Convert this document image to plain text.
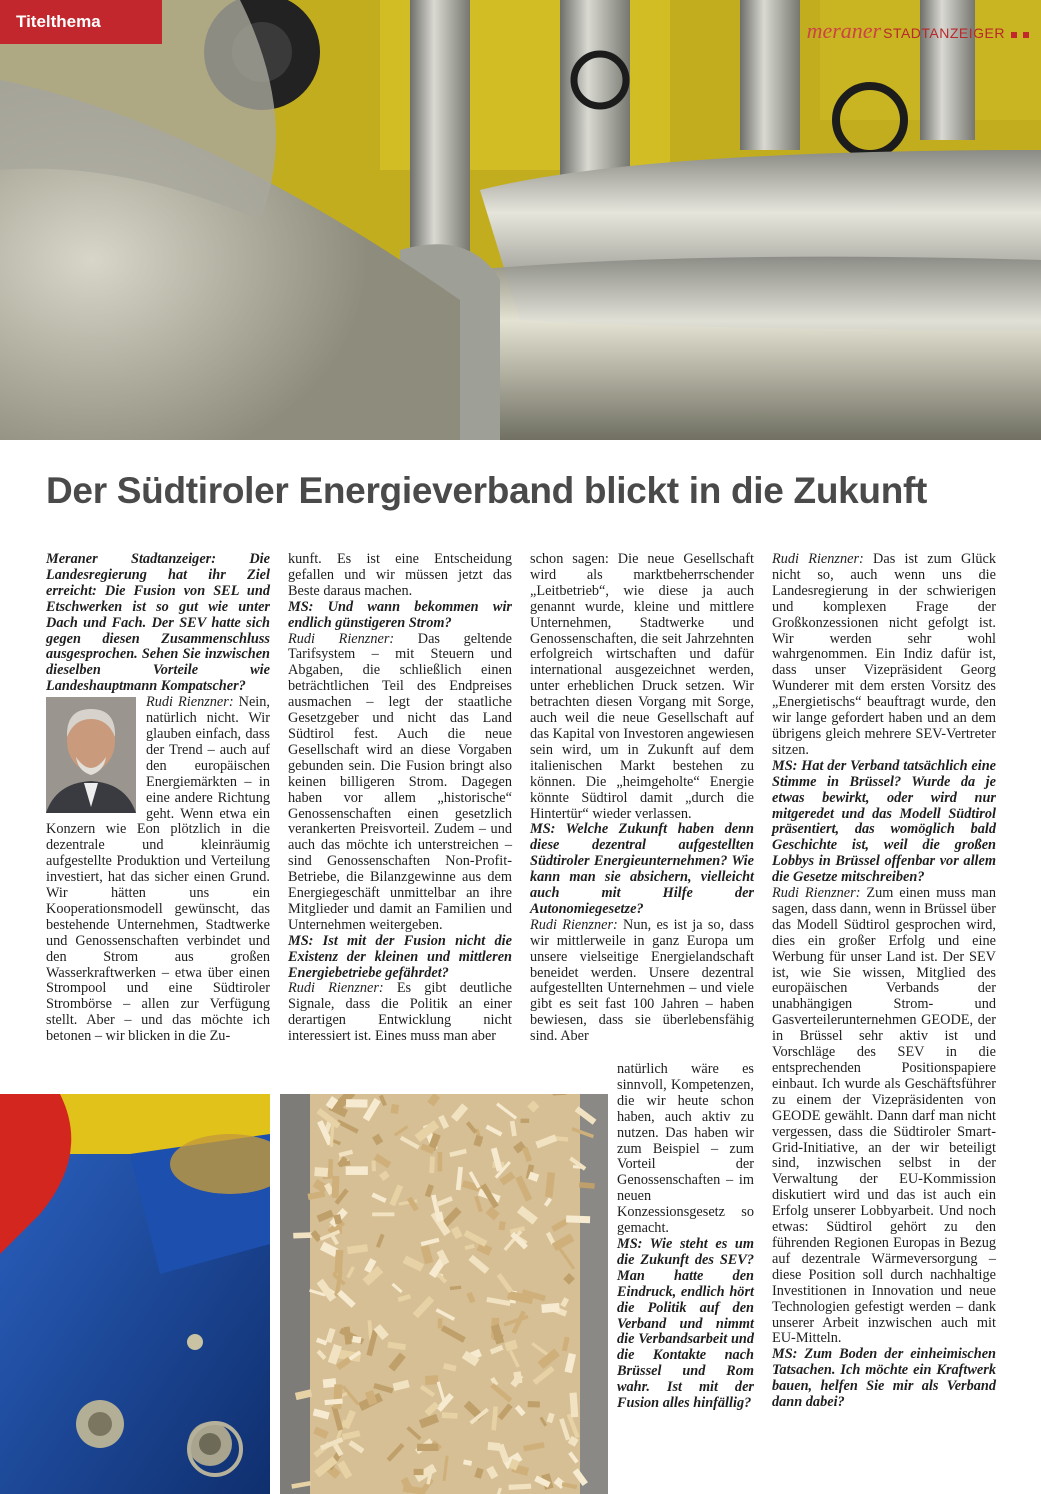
Titelthema	meraner STADTANZEIGER
Der Südtiroler Energieverband blickt in die Zukunft

Meraner Stadtanzeiger: Die Landesregierung hat ihr Ziel erreicht: Die Fusion von SEL und Etschwerken ist so gut wie unter Dach und Fach. Der SEV hatte sich gegen diesen Zusammenschluss ausgesprochen. Sehen Sie inzwischen dieselben Vorteile wie Landeshauptmann Kompatscher?

Rudi Rienzner: Nein, natürlich nicht. Wir glauben einfach, dass der Trend – auch auf den europäischen Energiemärkten – in eine andere Richtung geht. Wenn etwa ein Konzern wie Eon plötzlich in die dezentrale und kleinräumig aufgestellte Produktion und Verteilung investiert, hat das sicher einen Grund. Wir hätten uns ein Kooperationsmodell gewünscht, das bestehende Unternehmen, Stadtwerke und Genossenschaften verbindet und den Strom aus großen Wasserkraftwerken – etwa über einen Strompool und eine Südtiroler Strombörse – allen zur Verfügung stellt. Aber – und das möchte ich betonen – wir blicken in die Zu-

kunft. Es ist eine Entscheidung gefallen und wir müssen jetzt das Beste daraus machen.

MS: Und wann bekommen wir endlich günstigeren Strom?

Rudi Rienzner: Das geltende Tarifsystem – mit Steuern und Abgaben, die schließlich einen beträchtlichen Teil des Endpreises ausmachen – legt der staatliche Gesetzgeber und nicht das Land Südtirol fest. Auch die neue Gesellschaft wird an diese Vorgaben gebunden sein. Die Fusion bringt also keinen billigeren Strom. Dagegen haben vor allem „historische“ Genossenschaften einen gesetzlich verankerten Preisvorteil. Zudem – und auch das möchte ich unterstreichen – sind Genossenschaften Non-Profit-Betriebe, die Bilanzgewinne aus dem Energiegeschäft unmittelbar an ihre Mitglieder und damit an Familien und Unternehmen weitergeben.

MS: Ist mit der Fusion nicht die Existenz der kleinen und mittleren Energiebetriebe gefährdet?

Rudi Rienzner: Es gibt deutliche Signale, dass die Politik an einer derartigen Entwicklung nicht interessiert ist. Eines muss man aber

schon sagen: Die neue Gesellschaft wird als marktbeherrschender „Leitbetrieb“, wie diese ja auch genannt wurde, kleine und mittlere Unternehmen, Stadtwerke und Genossenschaften, die seit Jahrzehnten erfolgreich wirtschaften und dafür international ausgezeichnet werden, unter erheblichen Druck setzen. Wir betrachten diesen Vorgang mit Sorge, auch weil die neue Gesellschaft auf das Kapital von Investoren angewiesen sein wird, um in Zukunft auf dem italienischen Markt bestehen zu können. Die „heimgeholte“ Energie könnte Südtirol damit „durch die Hintertür“ wieder verlassen.

MS: Welche Zukunft haben denn diese dezentral aufgestellten Südtiroler Energieunternehmen? Wie kann man sie absichern, vielleicht auch mit Hilfe der Autonomiegesetze?

Rudi Rienzner: Nun, es ist ja so, dass wir mittlerweile in ganz Europa um unsere vielseitige Energielandschaft beneidet werden. Unsere dezentral aufgestellten Unternehmen – und viele gibt es seit fast 100 Jahren – haben bewiesen, dass sie überlebensfähig sind. Aber

natürlich wäre es sinnvoll, Kompetenzen, die wir heute schon haben, auch aktiv zu nutzen. Das haben wir zum Beispiel – zum Vorteil der Genossenschaften – im neuen Konzessionsgesetz so gemacht.

MS: Wie steht es um die Zukunft des SEV? Man hatte den Eindruck, endlich hört die Politik auf den Verband und nimmt die Verbandsarbeit und die Kontakte nach Brüssel und Rom wahr. Ist mit der Fusion alles hinfällig?

Rudi Rienzner: Das ist zum Glück nicht so, auch wenn uns die Landesregierung in der schwierigen und komplexen Frage der Großkonzessionen nicht gefolgt ist. Wir werden sehr wohl wahrgenommen. Ein Indiz dafür ist, dass unser Vizepräsident Georg Wunderer mit dem ersten Vorsitz des „Energietischs“ beauftragt wurde, den wir lange gefordert haben und an dem übrigens gleich mehrere SEV-Vertreter sitzen.

MS: Hat der Verband tatsächlich eine Stimme in Brüssel? Wurde da je etwas bewirkt, oder wird nur mitgeredet und das Modell Südtirol präsentiert, das womöglich bald Geschichte ist, weil die großen Lobbys in Brüssel offenbar vor allem die Gesetze mitschreiben?

Rudi Rienzner: Zum einen muss man sagen, dass dann, wenn in Brüssel über das Modell Südtirol gesprochen wird, dies ein großer Erfolg und eine Werbung für unser Land ist. Der SEV ist, wie Sie wissen, Mitglied des europäischen Verbands der unabhängigen Strom- und Gasverteilerunternehmen GEODE, der in Brüssel sehr aktiv ist und Vorschläge des SEV in die entsprechenden Positionspapiere einbaut. Ich wurde als Geschäftsführer zu einem der Vizepräsidenten von GEODE gewählt. Dann darf man nicht vergessen, dass die Südtiroler Smart-Grid-Initiative, an der wir beteiligt sind, inzwischen selbst in der Verwaltung der EU-Kommission diskutiert wird und das ist auch ein Erfolg unserer Lobbyarbeit. Und noch etwas: Südtirol gehört zu den führenden Regionen Europas in Bezug auf dezentrale Wärmeversorgung – diese Position soll durch nachhaltige Investitionen in Innovation und neue Technologien gefestigt werden – dank unserer Arbeit inzwischen auch mit EU-Mitteln.

MS: Zum Boden der einheimischen Tatsachen. Ich möchte ein Kraftwerk bauen, helfen Sie mir als Verband dann dabei?
